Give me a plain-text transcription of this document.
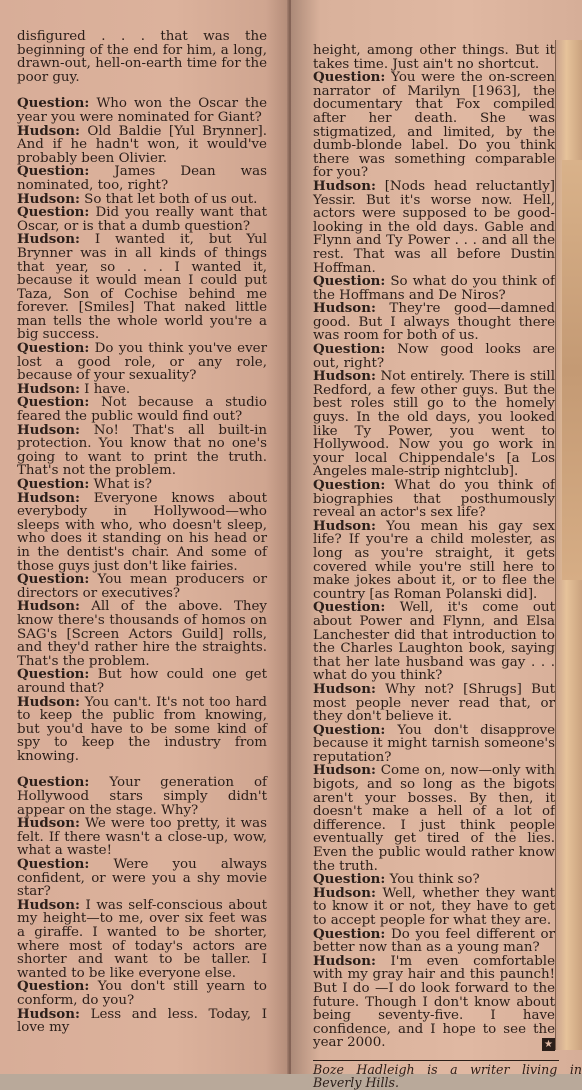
disfigured . . . that was the beginning of the end for him, a long, drawn-out, hell-on-earth time for the poor guy.

Question: Who won the Oscar the year you were nominated for Giant?

Hudson: Old Baldie [Yul Brynner]. And if he hadn't won, it would've probably been Olivier.

Question: James Dean was nominated, too, right?

Hudson: So that let both of us out.

Question: Did you really want that Oscar, or is that a dumb question?

Hudson: I wanted it, but Yul Brynner was in all kinds of things that year, so . . . I wanted it, because it would mean I could put Taza, Son of Cochise behind me forever. [Smiles] That naked little man tells the whole world you're a big success.

Question: Do you think you've ever lost a good role, or any role, because of your sexuality?

Hudson: I have.

Question: Not because a studio feared the public would find out?

Hudson: No! That's all built-in protection. You know that no one's going to want to print the truth. That's not the problem.

Question: What is?

Hudson: Everyone knows about everybody in Hollywood—who sleeps with who, who doesn't sleep, who does it standing on his head or in the dentist's chair. And some of those guys just don't like fairies.

Question: You mean producers or directors or executives?

Hudson: All of the above. They know there's thousands of homos on SAG's [Screen Actors Guild] rolls, and they'd rather hire the straights. That's the problem.

Question: But how could one get around that?

Hudson: You can't. It's not too hard to keep the public from knowing, but you'd have to be some kind of spy to keep the industry from knowing.

Question: Your generation of Hollywood stars simply didn't appear on the stage. Why?

Hudson: We were too pretty, it was felt. If there wasn't a close-up, wow, what a waste!

Question: Were you always confident, or were you a shy movie star?

Hudson: I was self-conscious about my height—to me, over six feet was a giraffe. I wanted to be shorter, where most of today's actors are shorter and want to be taller. I wanted to be like everyone else.

Question: You don't still yearn to conform, do you?

Hudson: Less and less. Today, I love my

height, among other things. But it takes time. Just ain't no shortcut.

Question: You were the on-screen narrator of Marilyn [1963], the documentary that Fox compiled after her death. She was stigmatized, and limited, by the dumb-blonde label. Do you think there was something comparable for you?

Hudson: [Nods head reluctantly] Yessir. But it's worse now. Hell, actors were supposed to be good-looking in the old days. Gable and Flynn and Ty Power . . . and all the rest. That was all before Dustin Hoffman.

Question: So what do you think of the Hoffmans and De Niros?

Hudson: They're good—damned good. But I always thought there was room for both of us.

Question: Now good looks are out, right?

Hudson: Not entirely. There is still Redford, a few other guys. But the best roles still go to the homely guys. In the old days, you looked like Ty Power, you went to Hollywood. Now you go work in your local Chippendale's [a Los Angeles male-strip nightclub].

Question: What do you think of biographies that posthumously reveal an actor's sex life?

Hudson: You mean his gay sex life? If you're a child molester, as long as you're straight, it gets covered while you're still here to make jokes about it, or to flee the country [as Roman Polanski did].

Question: Well, it's come out about Power and Flynn, and Elsa Lanchester did that introduction to the Charles Laughton book, saying that her late husband was gay . . . what do you think?

Hudson: Why not? [Shrugs] But most people never read that, or they don't believe it.

Question: You don't disapprove because it might tarnish someone's reputation?

Hudson: Come on, now—only with bigots, and so long as the bigots aren't your bosses. By then, it doesn't make a hell of a lot of difference. I just think people eventually get tired of the lies. Even the public would rather know the truth.

Question: You think so?

Hudson: Well, whether they want to know it or not, they have to get to accept people for what they are.

Question: Do you feel different or better now than as a young man?

Hudson: I'm even comfortable with my gray hair and this paunch! But I do —I do look forward to the future. Though I don't know about being seventy-five. I have confidence, and I hope to see the year 2000.	★

Boze Hadleigh is a writer living in Beverly Hills.
